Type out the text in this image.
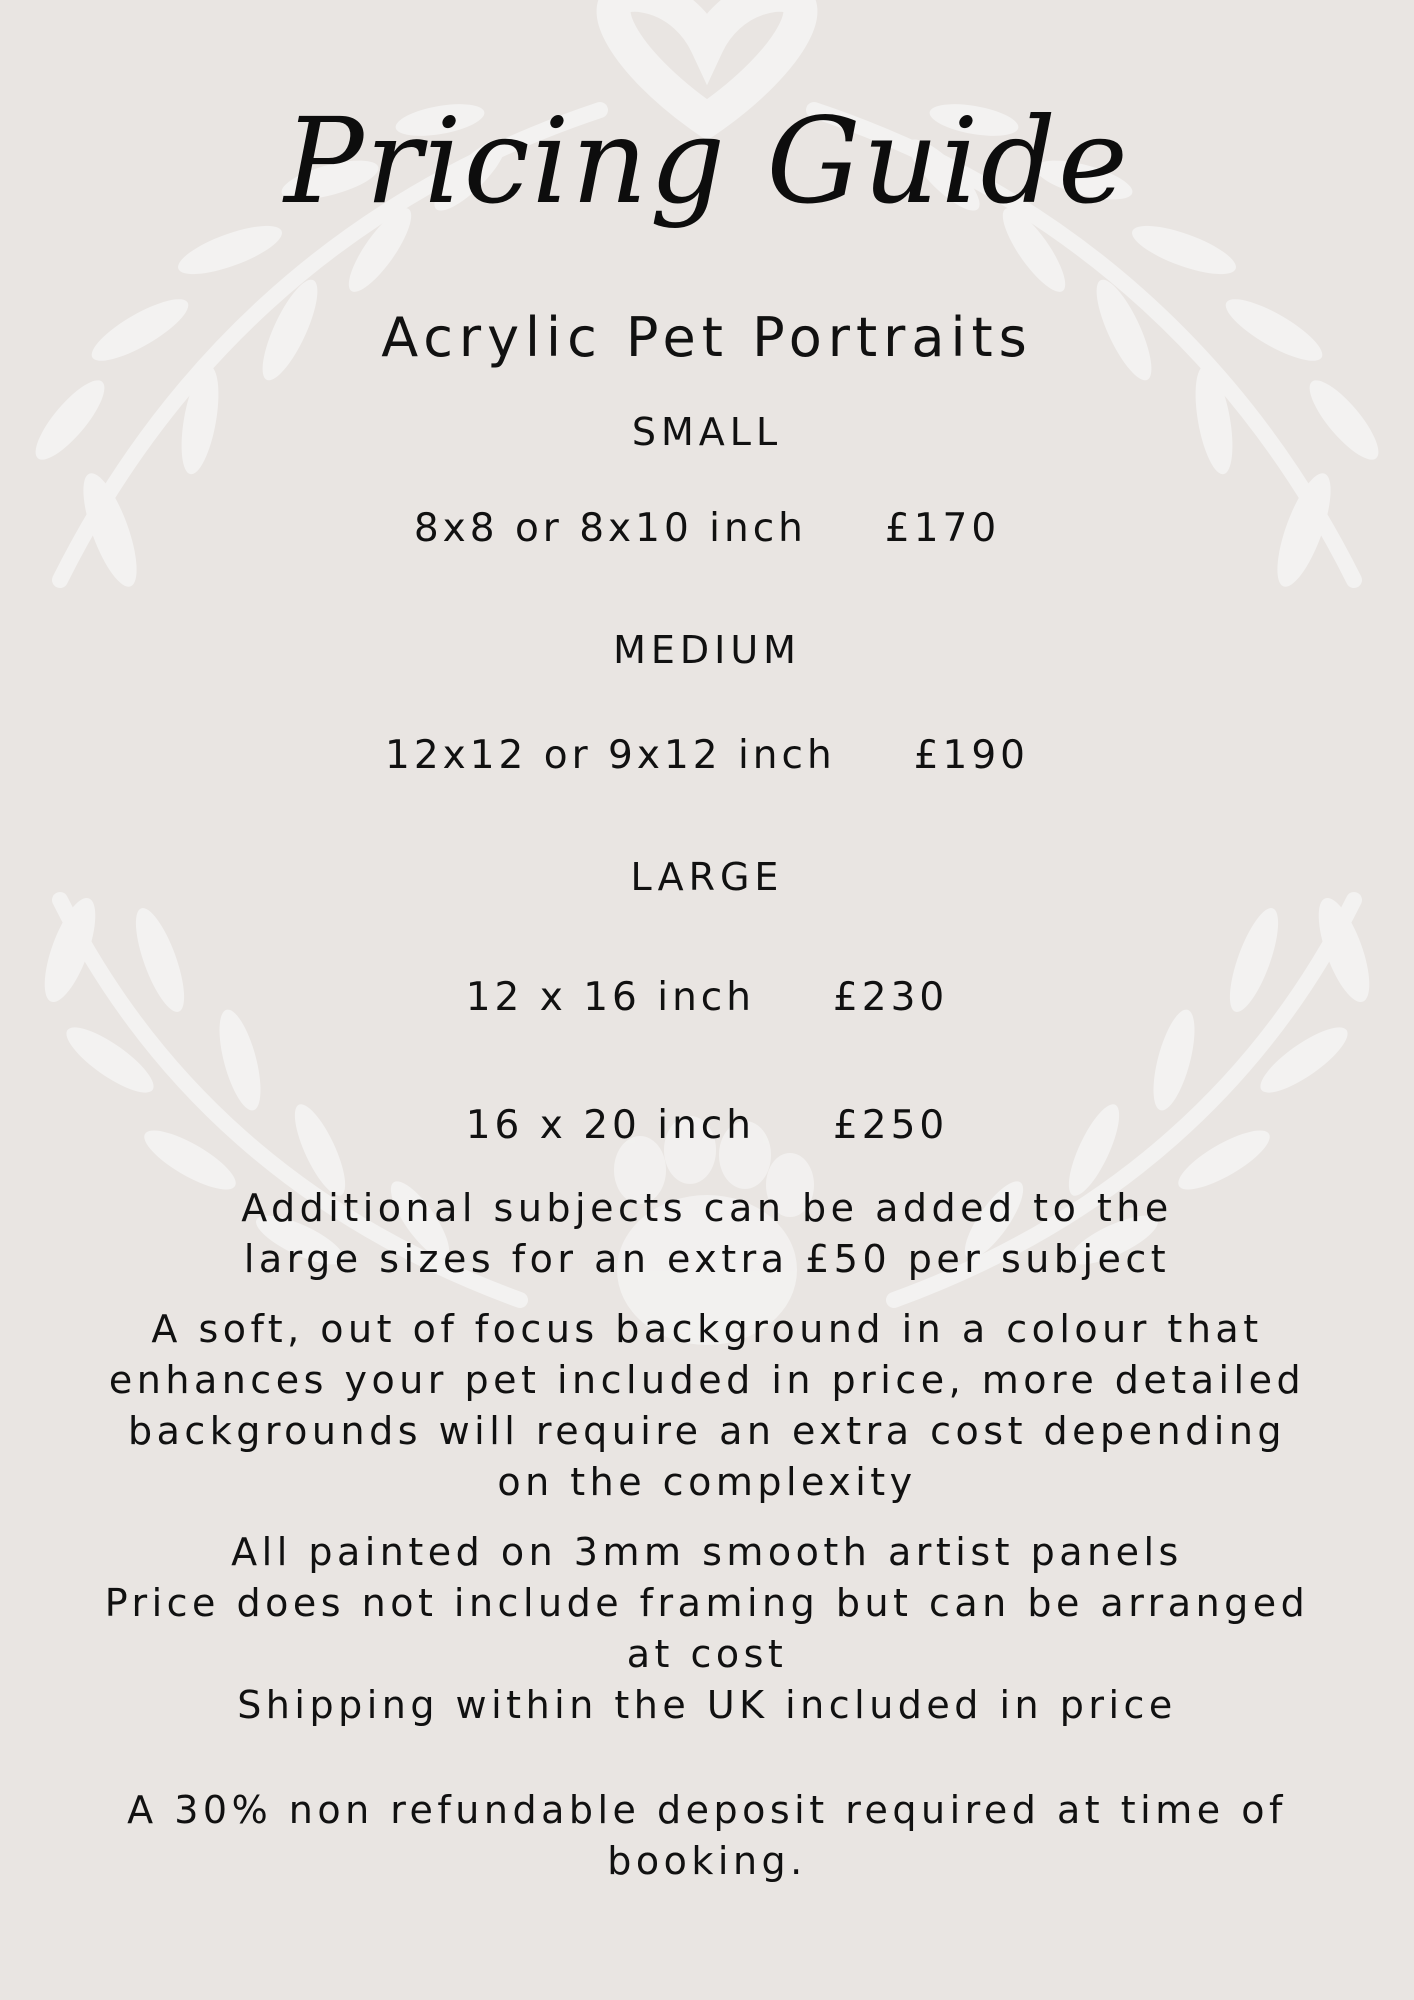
Pricing Guide
Acrylic Pet Portraits
SMALL
8x8 or 8x10 inch £170
MEDIUM
12x12 or 9x12 inch £190
LARGE
12 x 16 inch £230
16 x 20 inch £250
Additional subjects can be added to the
large sizes for an extra £50 per subject
A soft, out of focus background in a colour that
enhances your pet included in price, more detailed
backgrounds will require an extra cost depending
on the complexity
All painted on 3mm smooth artist panels
Price does not include framing but can be arranged
at cost
Shipping within the UK included in price
A 30% non refundable deposit required at time of
booking.
